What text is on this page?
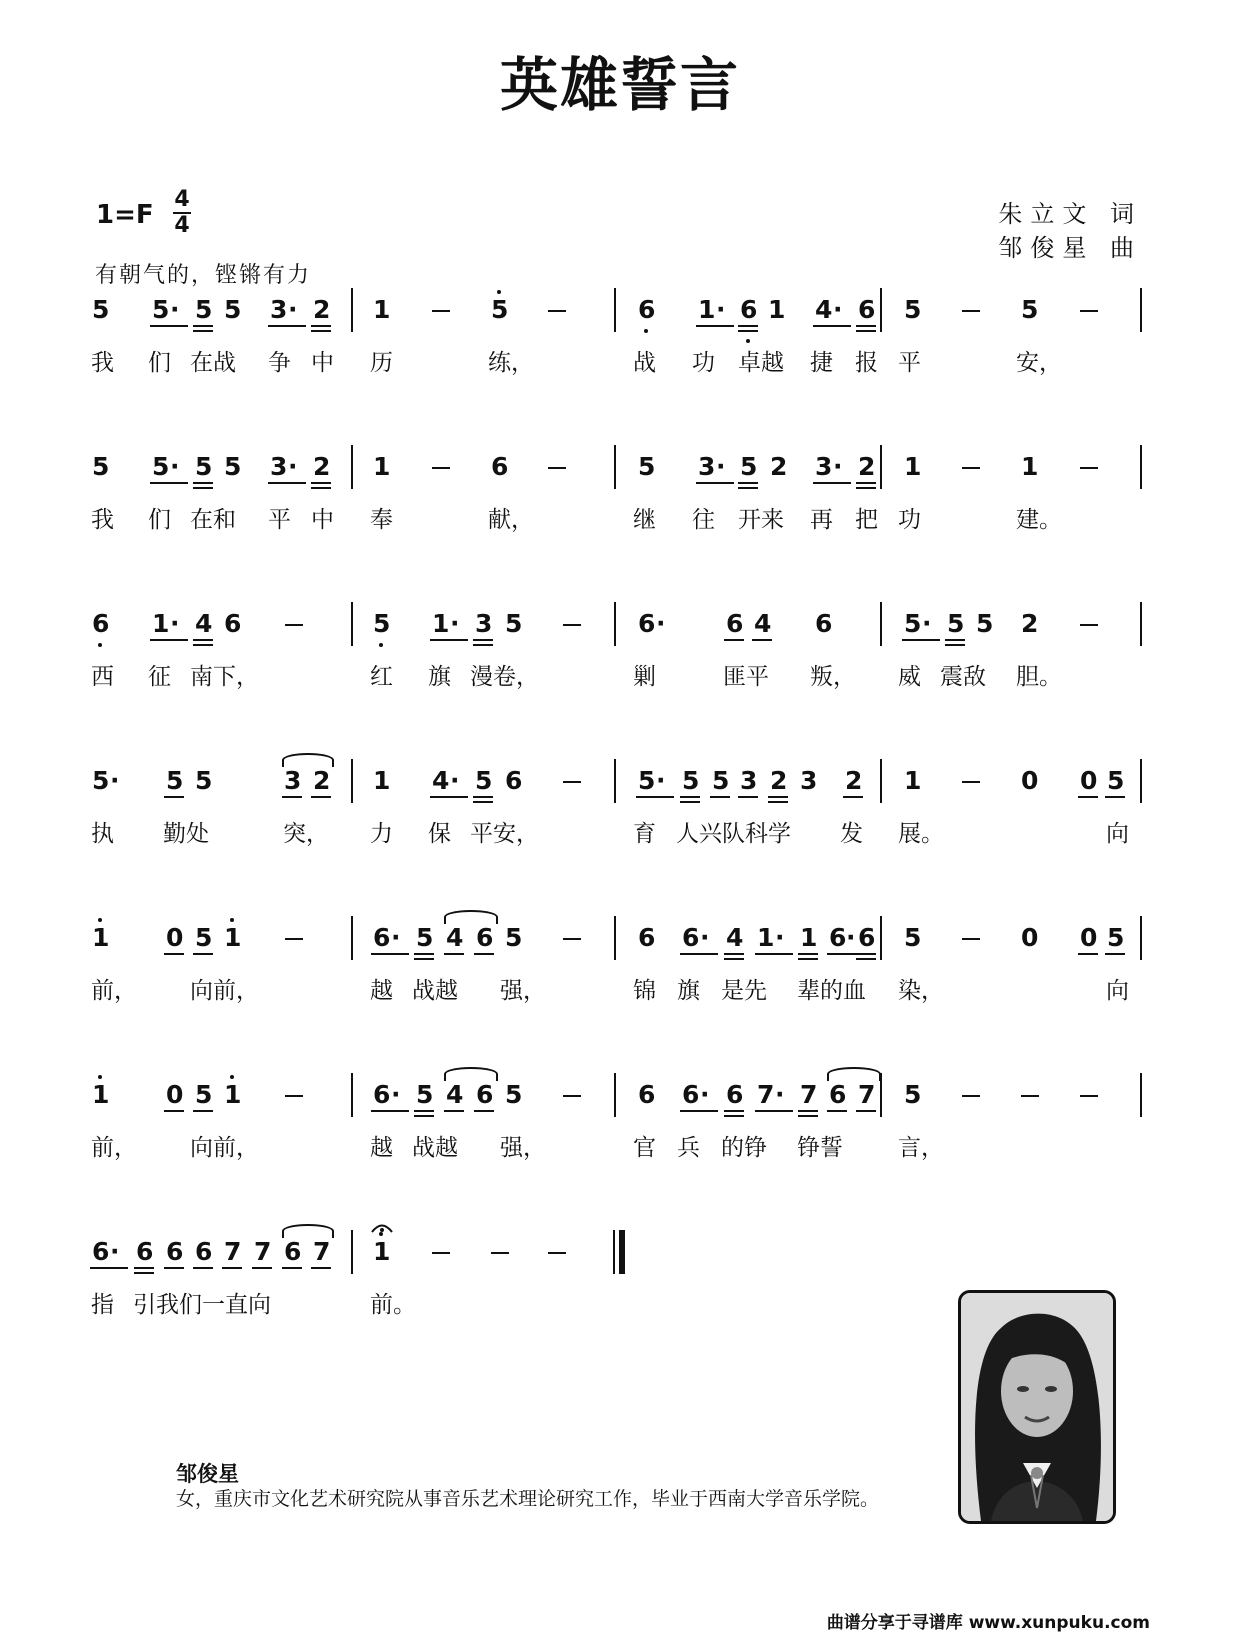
英雄誓言
1=F
4
4	朱立文 词
邹俊星 曲
有朝气的，铿锵有力
5 5 · 5 5 3 · 2 1	5	6 1 · 6 1 4 · 6 5	5
我 们 在战 争 中 历	练，	战 功 卓越 捷 报 平	安，
5 5 · 5 5 3 · 2 1	6	5 3 · 5 2 3 · 2 1	1
我 们 在和 平 中 奉	献，	继 往 开来 再 把 功	建。
6 1 · 4 6	5 1 · 3 5	6 · 6 4 6	5 · 5 5 2
西 征 南下，	红 旗 漫卷，	剿	匪平 叛， 威 震敌 胆。
5 · 5 5	3 2 1 4 · 5 6	5 · 5 5 3 2 3 2 1	0 0 5
执 勤处	突， 力 保 平安，	育 人兴队科学 发 展。	向
1 0 5 1	6 · 5 4 6 5	6 6 · 4 1 · 1 6 · 6 5	0 0 5
前， 向前，	越 战越 强，	锦 旗 是先 辈的血 染，	向
1 0 5 1	6 · 5 4 6 5	6 6 · 6 7 · 7 6 7 5
前， 向前，	越 战越 强，	官 兵 的铮 铮誓 言，
6 · 6 6 6 7 7 6 7 1
指 引我们一直向	前。
邹俊星
女，重庆市文化艺术研究院从事音乐艺术理论研究工作，毕业于西南大学音乐学院。
曲谱分享于寻谱库 www.xunpuku.com
